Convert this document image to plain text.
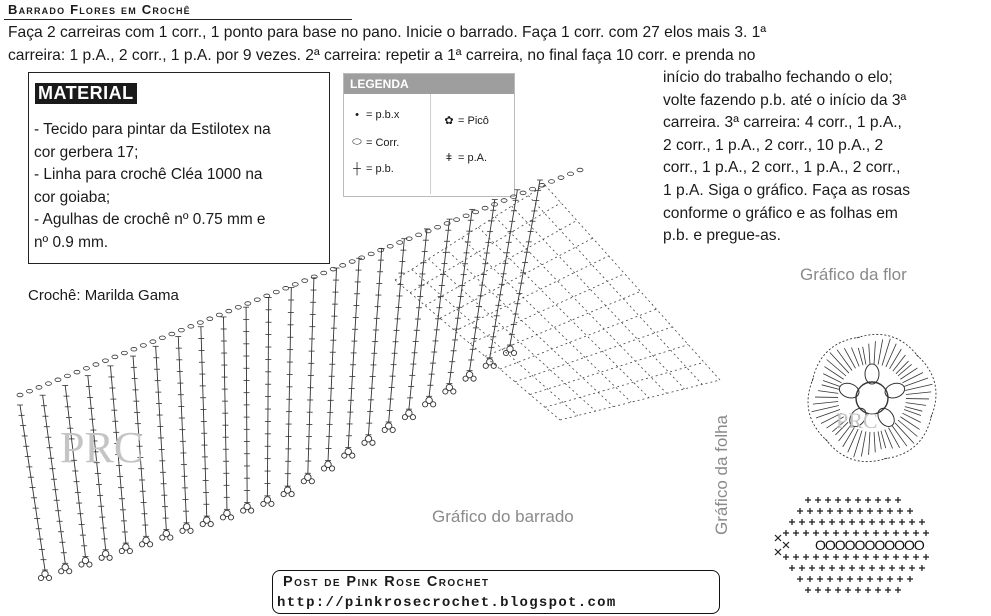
Barrado Flores em Crochê
Faça 2 carreiras com 1 corr., 1 ponto para base no pano. Inicie o barrado. Faça 1 corr. com 27 elos mais 3. 1ª
carreira: 1 p.A., 2 corr., 1 p.A. por 9 vezes. 2ª carreira: repetir a 1ª carreira, no final faça 10 corr. e prenda no
início do trabalho fechando o elo;
volte fazendo p.b. até o início da 3ª
carreira. 3ª carreira: 4 corr., 1 p.A.,
2 corr., 1 p.A., 2 corr., 10 p.A., 2
corr., 1 p.A., 2 corr., 1 p.A., 2 corr.,
1 p.A. Siga o gráfico. Faça as rosas
conforme o gráfico e as folhas em
p.b. e pregue-as.
MATERIAL
- Tecido para pintar da Estilotex na
cor gerbera 17;
- Linha para crochê Cléa 1000 na
cor goiaba;
- Agulhas de crochê nº 0.75 mm e
nº 0.9 mm.
LEGENDA
• = p.b.x
⬭ = Corr.
┼ = p.b.
✿ = Picô
ǂ = p.A.
Crochê: Marilda Gama
OOOOOOOOOOO
PRC
PRC
Gráfico do barrado
Gráfico da flor
Gráfico da folha
Post de Pink Rose Crochet
http://pinkrosecrochet.blogspot.com
